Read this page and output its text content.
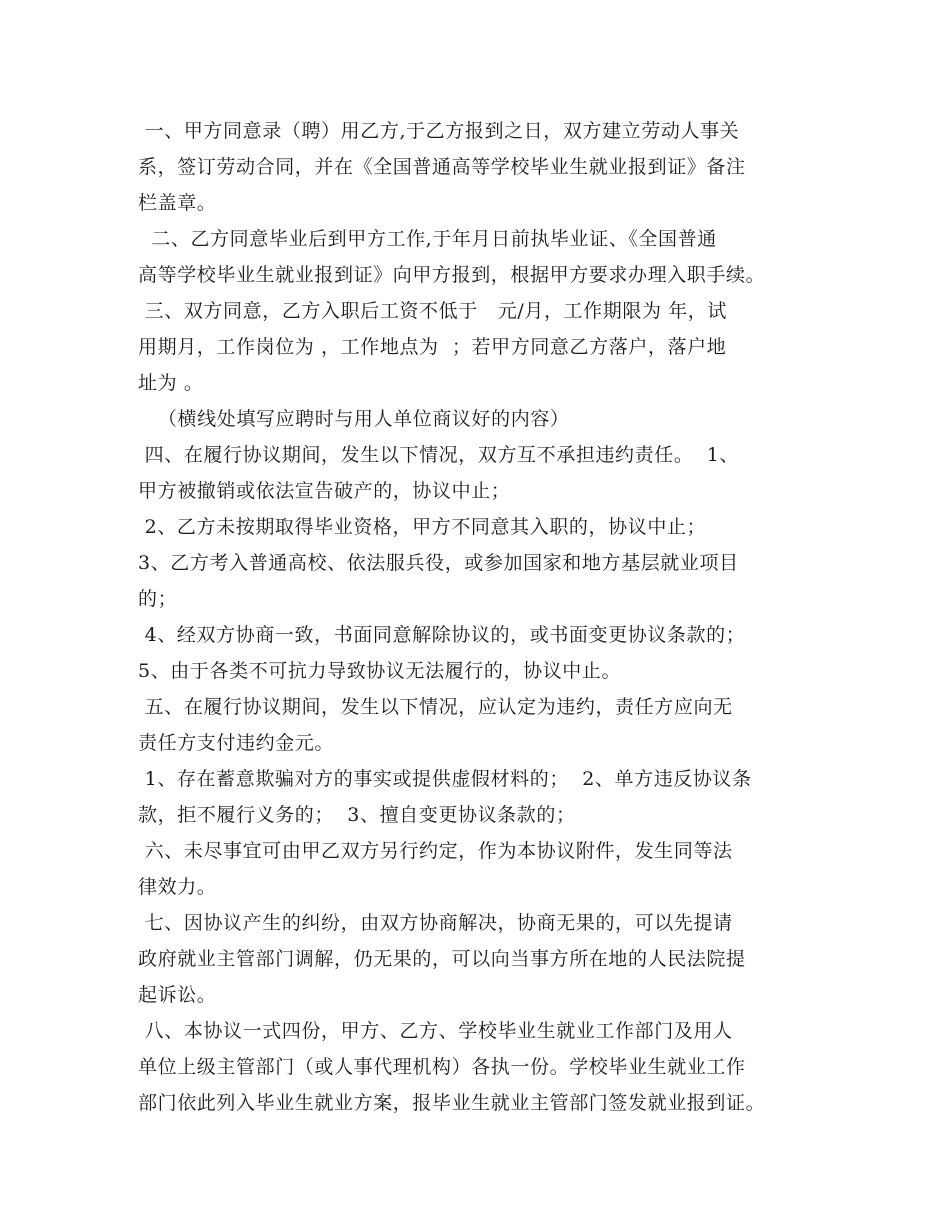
一、甲方同意录（聘）用乙方,于乙方报到之日，双方建立劳动人事关
系，签订劳动合同，并在《全国普通高等学校毕业生就业报到证》备注
栏盖章。
二、乙方同意毕业后到甲方工作,于年月日前执毕业证、《全国普通
高等学校毕业生就业报到证》向甲方报到，根据甲方要求办理入职手续。
三、双方同意，乙方入职后工资不低于   元/月，工作期限为 年，试
用期月，工作岗位为 ，工作地点为  ；若甲方同意乙方落户，落户地
址为 。
（横线处填写应聘时与用人单位商议好的内容）
四、在履行协议期间，发生以下情况，双方互不承担违约责任。  1、
甲方被撤销或依法宣告破产的，协议中止；
2、乙方未按期取得毕业资格，甲方不同意其入职的，协议中止；
3、乙方考入普通高校、依法服兵役，或参加国家和地方基层就业项目
的；
4、经双方协商一致，书面同意解除协议的，或书面变更协议条款的；
5、由于各类不可抗力导致协议无法履行的，协议中止。
五、在履行协议期间，发生以下情况，应认定为违约，责任方应向无
责任方支付违约金元。
1、存在蓄意欺骗对方的事实或提供虚假材料的；  2、单方违反协议条
款，拒不履行义务的；  3、擅自变更协议条款的；
六、未尽事宜可由甲乙双方另行约定，作为本协议附件，发生同等法
律效力。
七、因协议产生的纠纷，由双方协商解决，协商无果的，可以先提请
政府就业主管部门调解，仍无果的，可以向当事方所在地的人民法院提
起诉讼。
八、本协议一式四份，甲方、乙方、学校毕业生就业工作部门及用人
单位上级主管部门（或人事代理机构）各执一份。学校毕业生就业工作
部门依此列入毕业生就业方案，报毕业生就业主管部门签发就业报到证。
